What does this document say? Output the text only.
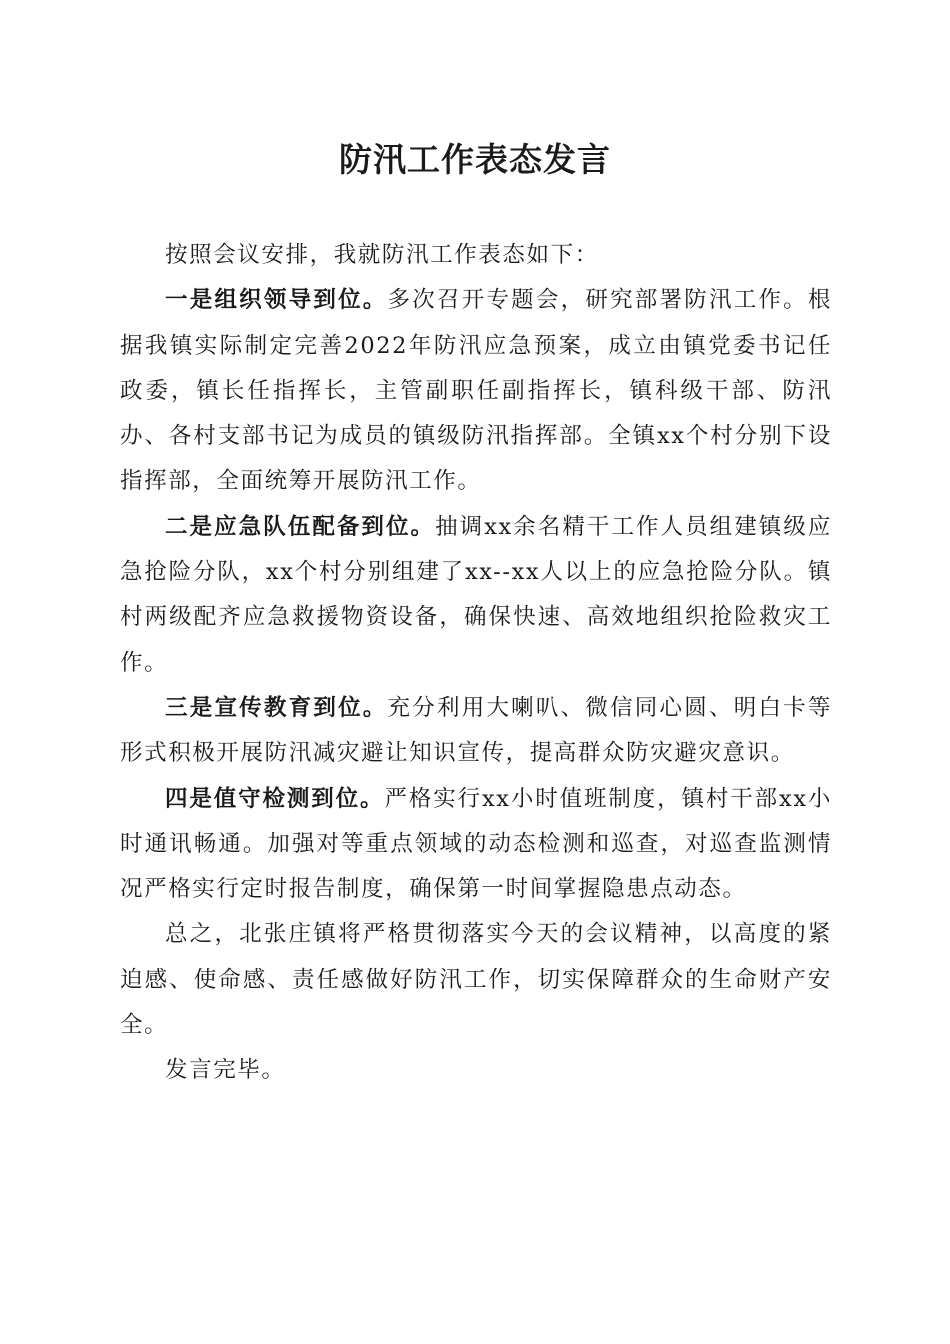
防汛工作表态发言

按照会议安排，我就防汛工作表态如下：

一是组织领导到位。多次召开专题会，研究部署防汛工作。根据我镇实际制定完善2022年防汛应急预案，成立由镇党委书记任政委，镇长任指挥长，主管副职任副指挥长，镇科级干部、防汛办、各村支部书记为成员的镇级防汛指挥部。全镇xx个村分别下设指挥部，全面统筹开展防汛工作。

二是应急队伍配备到位。抽调xx余名精干工作人员组建镇级应急抢险分队，xx个村分别组建了xx--xx人以上的应急抢险分队。镇村两级配齐应急救援物资设备，确保快速、高效地组织抢险救灾工作。

三是宣传教育到位。充分利用大喇叭、微信同心圆、明白卡等形式积极开展防汛减灾避让知识宣传，提高群众防灾避灾意识。

四是值守检测到位。严格实行xx小时值班制度，镇村干部xx小时通讯畅通。加强对等重点领域的动态检测和巡查，对巡查监测情况严格实行定时报告制度，确保第一时间掌握隐患点动态。

总之，北张庄镇将严格贯彻落实今天的会议精神，以高度的紧迫感、使命感、责任感做好防汛工作，切实保障群众的生命财产安全。

发言完毕。
